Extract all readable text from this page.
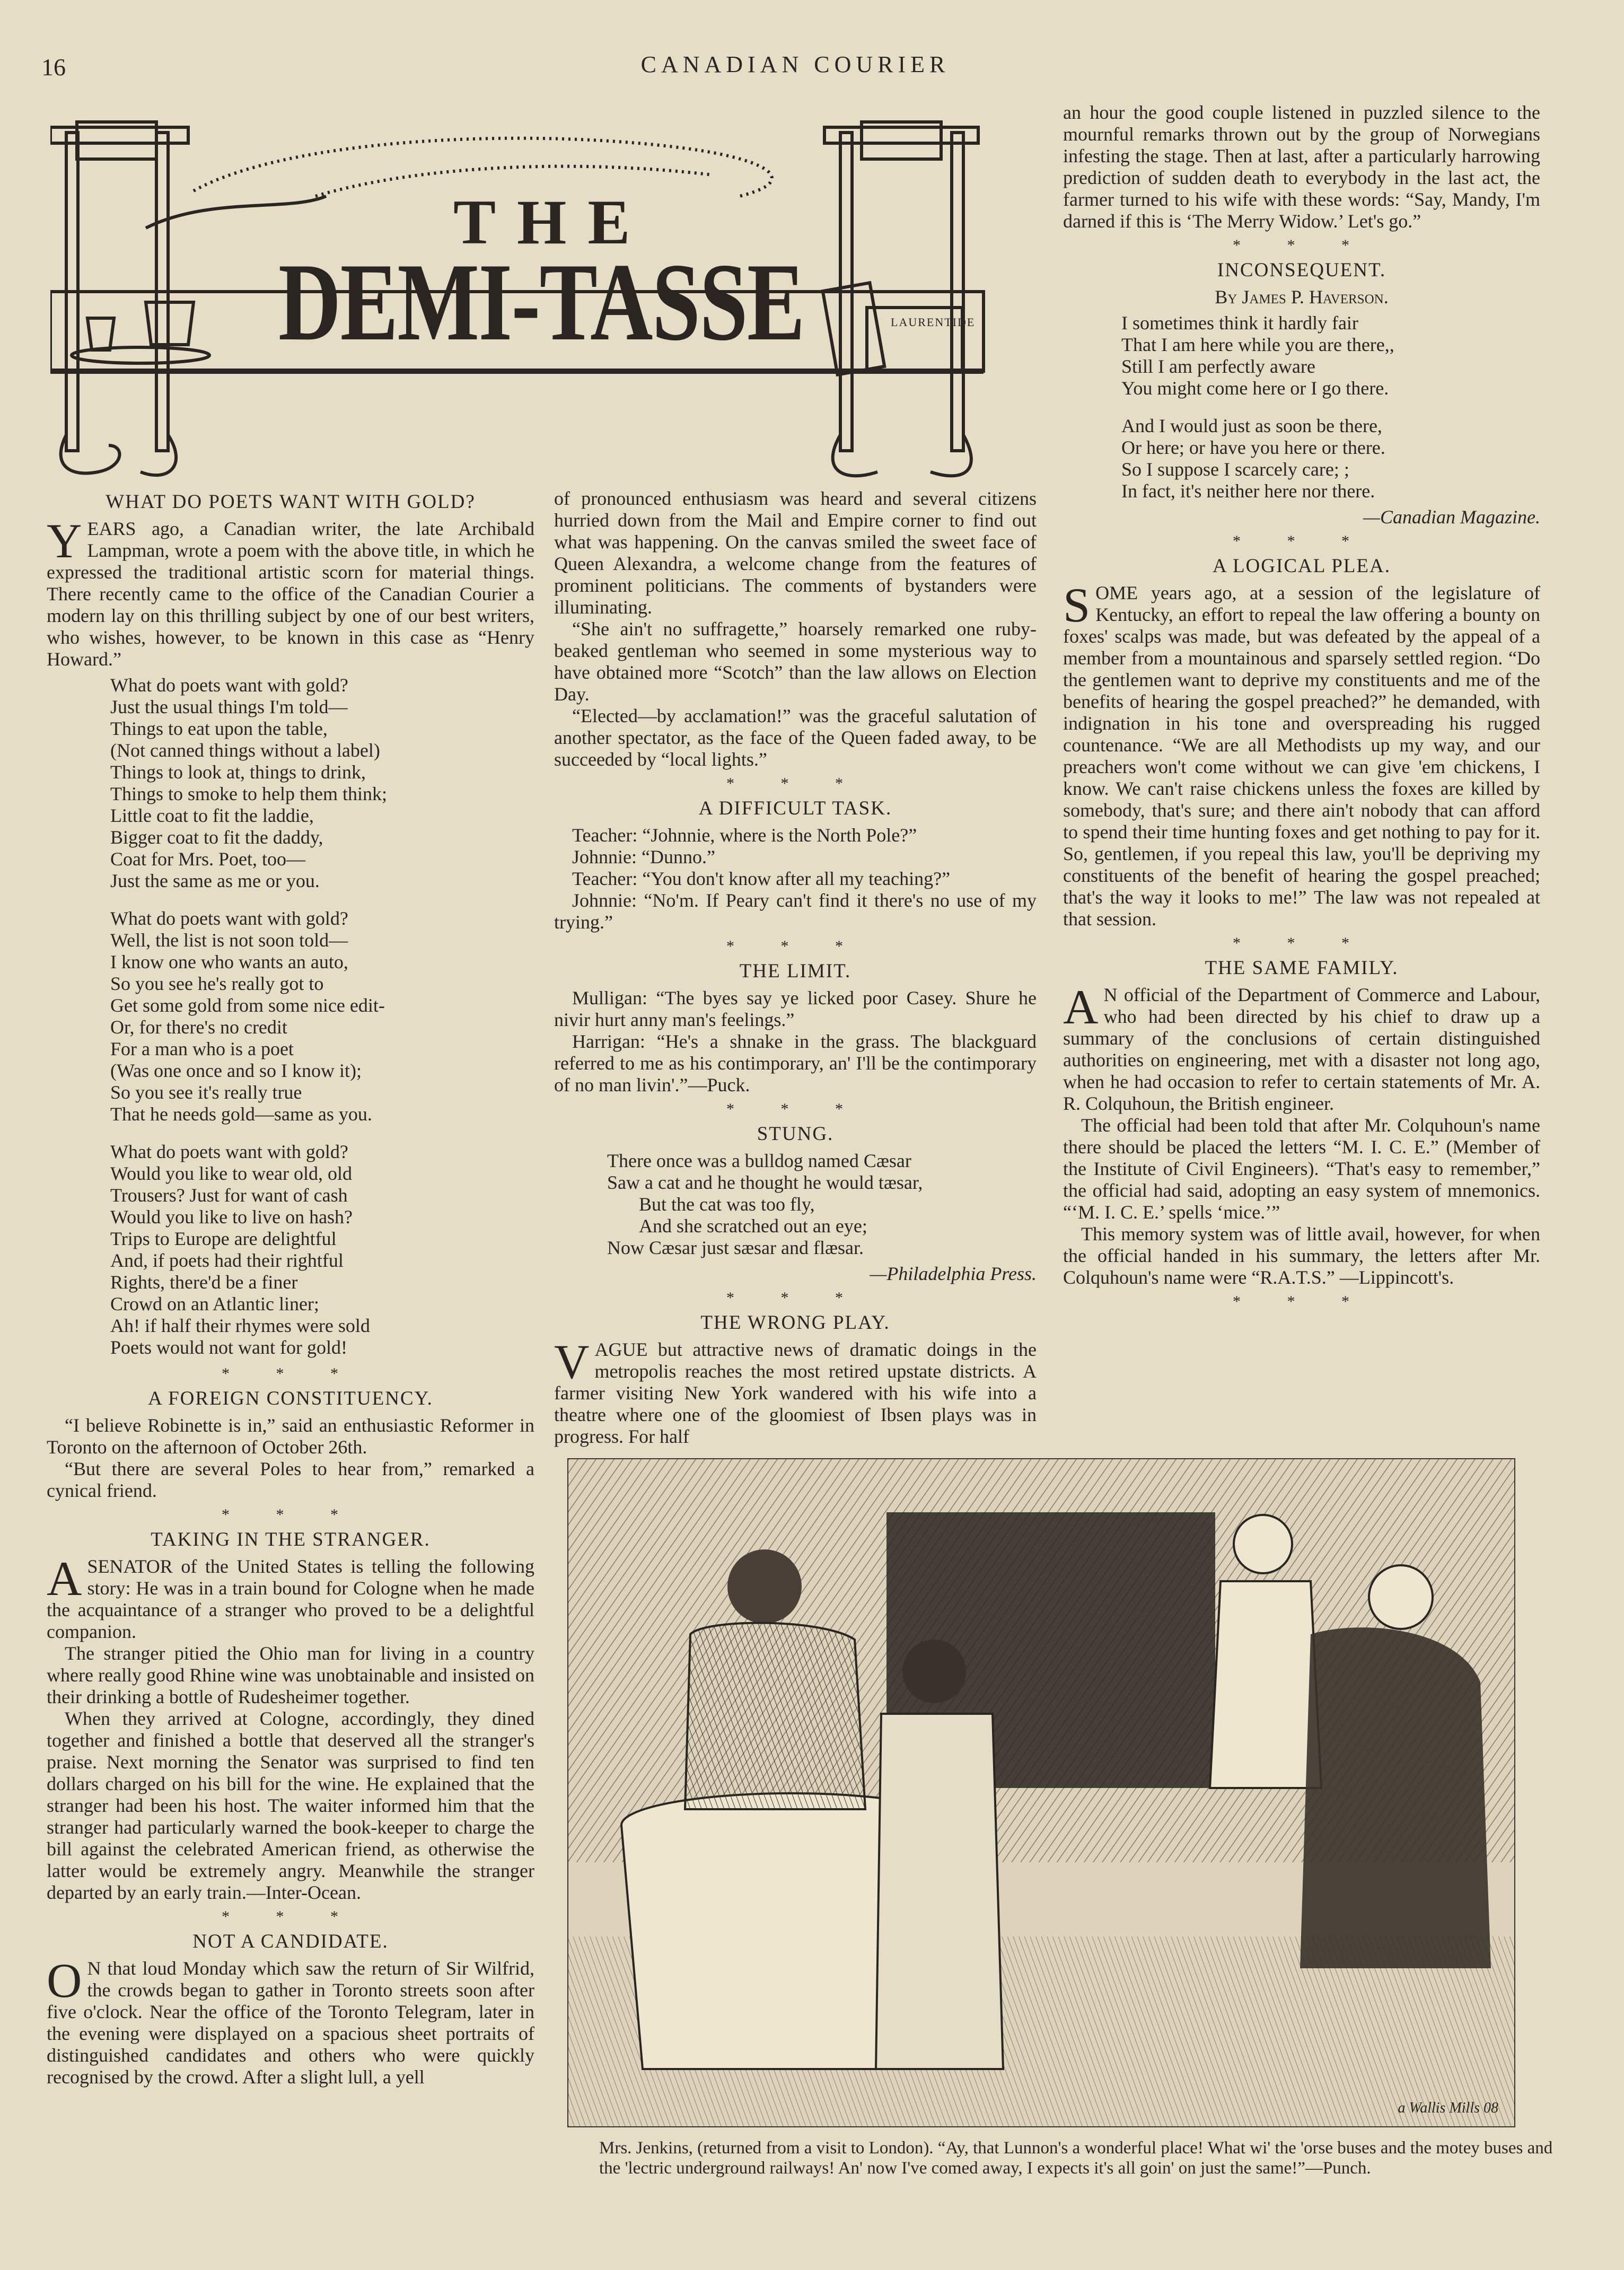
16	CANADIAN COURIER
THE
DEMI-TASSE	LAURENTIDE
WHAT DO POETS WANT WITH GOLD?

YEARS ago, a Canadian writer, the late Archibald Lampman, wrote a poem with the above title, in which he expressed the traditional artistic scorn for material things. There recently came to the office of the Canadian Courier a modern lay on this thrilling subject by one of our best writers, who wishes, however, to be known in this case as “Henry Howard.”

What do poets want with gold?
Just the usual things I'm told—
Things to eat upon the table,
(Not canned things without a label)
Things to look at, things to drink,
Things to smoke to help them think;
Little coat to fit the laddie,
Bigger coat to fit the daddy,
Coat for Mrs. Poet, too—
Just the same as me or you.
What do poets want with gold?
Well, the list is not soon told—
I know one who wants an auto,
So you see he's really got to
Get some gold from some nice edit-
Or, for there's no credit
For a man who is a poet
(Was one once and so I know it);
So you see it's really true
That he needs gold—same as you.
What do poets want with gold?
Would you like to wear old, old
Trousers? Just for want of cash
Would you like to live on hash?
Trips to Europe are delightful
And, if poets had their rightful
Rights, there'd be a finer
Crowd on an Atlantic liner;
Ah! if half their rhymes were sold
Poets would not want for gold!
* * *
A FOREIGN CONSTITUENCY.

“I believe Robinette is in,” said an enthusiastic Reformer in Toronto on the afternoon of October 26th.

“But there are several Poles to hear from,” remarked a cynical friend.

* * *
TAKING IN THE STRANGER.

ASENATOR of the United States is telling the following story: He was in a train bound for Cologne when he made the acquaintance of a stranger who proved to be a delightful companion.

The stranger pitied the Ohio man for living in a country where really good Rhine wine was unobtainable and insisted on their drinking a bottle of Rudesheimer together.

When they arrived at Cologne, accordingly, they dined together and finished a bottle that deserved all the stranger's praise. Next morning the Senator was surprised to find ten dollars charged on his bill for the wine. He explained that the stranger had been his host. The waiter informed him that the stranger had particularly warned the book-keeper to charge the bill against the celebrated American friend, as otherwise the latter would be extremely angry. Meanwhile the stranger departed by an early train.—Inter-Ocean.

* * *
NOT A CANDIDATE.

O N that loud Monday which saw the return of Sir Wilfrid, the crowds began to gather in Toronto streets soon after five o'clock. Near the office of the Toronto Telegram, later in the evening were displayed on a spacious sheet portraits of distinguished candidates and others who were quickly recognised by the crowd. After a slight lull, a yell

of pronounced enthusiasm was heard and several citizens hurried down from the Mail and Empire corner to find out what was happening. On the canvas smiled the sweet face of Queen Alexandra, a welcome change from the features of prominent politicians. The comments of bystanders were illuminating.

“She ain't no suffragette,” hoarsely remarked one ruby-beaked gentleman who seemed in some mysterious way to have obtained more “Scotch” than the law allows on Election Day.

“Elected—by acclamation!” was the graceful salutation of another spectator, as the face of the Queen faded away, to be succeeded by “local lights.”

* * *
A DIFFICULT TASK.

Teacher: “Johnnie, where is the North Pole?”

Johnnie: “Dunno.”

Teacher: “You don't know after all my teaching?”

Johnnie: “No'm. If Peary can't find it there's no use of my trying.”

* * *
THE LIMIT.

Mulligan: “The byes say ye licked poor Casey. Shure he nivir hurt anny man's feelings.”

Harrigan: “He's a shnake in the grass. The blackguard referred to me as his contimporary, an' I'll be the contimporary of no man livin'.”—Puck.

* * *
STUNG.
There once was a bulldog named Cæsar
Saw a cat and he thought he would tæsar,
But the cat was too fly,
And she scratched out an eye;
Now Cæsar just sæsar and flæsar.
—Philadelphia Press.
* * *
THE WRONG PLAY.

VAGUE but attractive news of dramatic doings in the metropolis reaches the most retired upstate districts. A farmer visiting New York wandered with his wife into a theatre where one of the gloomiest of Ibsen plays was in progress. For half

an hour the good couple listened in puzzled silence to the mournful remarks thrown out by the group of Norwegians infesting the stage. Then at last, after a particularly harrowing prediction of sudden death to everybody in the last act, the farmer turned to his wife with these words: “Say, Mandy, I'm darned if this is ‘The Merry Widow.’ Let's go.”

* * *
INCONSEQUENT.
By James P. Haverson.
I sometimes think it hardly fair
That I am here while you are there,,
Still I am perfectly aware
You might come here or I go there.
And I would just as soon be there,
Or here; or have you here or there.
So I suppose I scarcely care; ;
In fact, it's neither here nor there.
—Canadian Magazine.
* * *
A LOGICAL PLEA.

SOME years ago, at a session of the legislature of Kentucky, an effort to repeal the law offering a bounty on foxes' scalps was made, but was defeated by the appeal of a member from a mountainous and sparsely settled region. “Do the gentlemen want to deprive my constituents and me of the benefits of hearing the gospel preached?” he demanded, with indignation in his tone and overspreading his rugged countenance. “We are all Methodists up my way, and our preachers won't come without we can give 'em chickens, I know. We can't raise chickens unless the foxes are killed by somebody, that's sure; and there ain't nobody that can afford to spend their time hunting foxes and get nothing to pay for it. So, gentlemen, if you repeal this law, you'll be depriving my constituents of the benefit of hearing the gospel preached; that's the way it looks to me!” The law was not repealed at that session.

* * *
THE SAME FAMILY.

A N official of the Department of Commerce and Labour, who had been directed by his chief to draw up a summary of the conclusions of certain distinguished authorities on engineering, met with a disaster not long ago, when he had occasion to refer to certain statements of Mr. A. R. Colquhoun, the British engineer.

The official had been told that after Mr. Colquhoun's name there should be placed the letters “M. I. C. E.” (Member of the Institute of Civil Engineers). “That's easy to remember,” the official had said, adopting an easy system of mnemonics. “‘M. I. C. E.’ spells ‘mice.’”

This memory system was of little avail, however, for when the official handed in his summary, the letters after Mr. Colquhoun's name were “R.A.T.S.” —Lippincott's.

* * *
a Wallis Mills 08
Mrs. Jenkins, (returned from a visit to London). “Ay, that Lunnon's a wonderful place! What wi' the 'orse buses and the motey buses and the 'lectric underground railways! An' now I've comed away, I expects it's all goin' on just the same!”—Punch.
